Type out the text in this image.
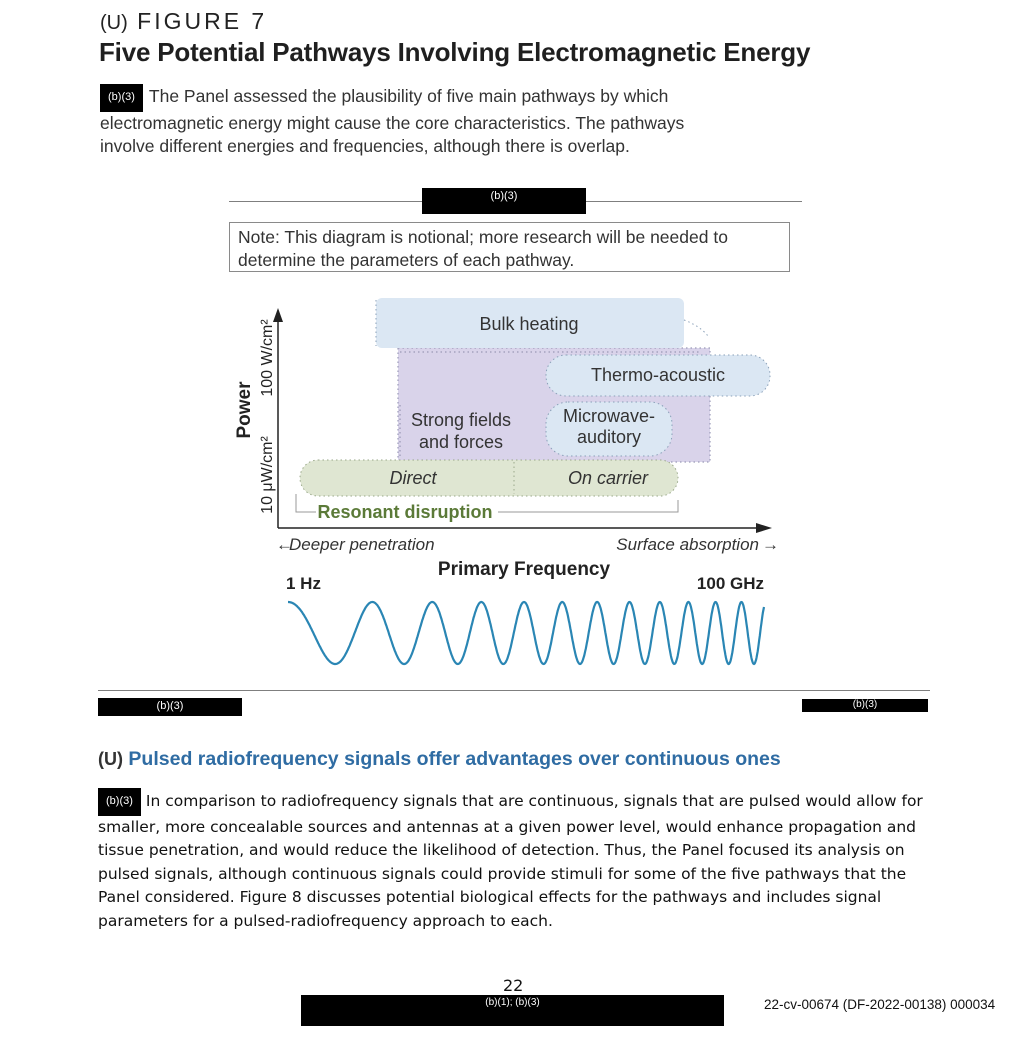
(U) FIGURE 7
Five Potential Pathways Involving Electromagnetic Energy
(b)(3) The Panel assessed the plausibility of five main pathways by which electromagnetic energy might cause the core characteristics. The pathways involve different energies and frequencies, although there is overlap.
(b)(3)
Note: This diagram is notional; more research will be needed to determine the parameters of each pathway.
Bulk heating
Thermo-acoustic
Strong fields
and forces
Microwave-
auditory
Direct	On carrier
Resonant disruption
Power
100 W/cm²
10 μW/cm²
←
Deeper penetration	Surface absorption →
Primary Frequency
1 Hz	100 GHz
(b)(3)	(b)(3)
(U) Pulsed radiofrequency signals offer advantages over continuous ones
(b)(3) In comparison to radiofrequency signals that are continuous, signals that are pulsed would allow for smaller, more concealable sources and antennas at a given power level, would enhance propagation and tissue penetration, and would reduce the likelihood of detection. Thus, the Panel focused its analysis on pulsed signals, although continuous signals could provide stimuli for some of the five pathways that the Panel considered. Figure 8 discusses potential biological effects for the pathways and includes signal parameters for a pulsed-radiofrequency approach to each.
22
(b)(1); (b)(3)	22-cv-00674 (DF-2022-00138) 000034
